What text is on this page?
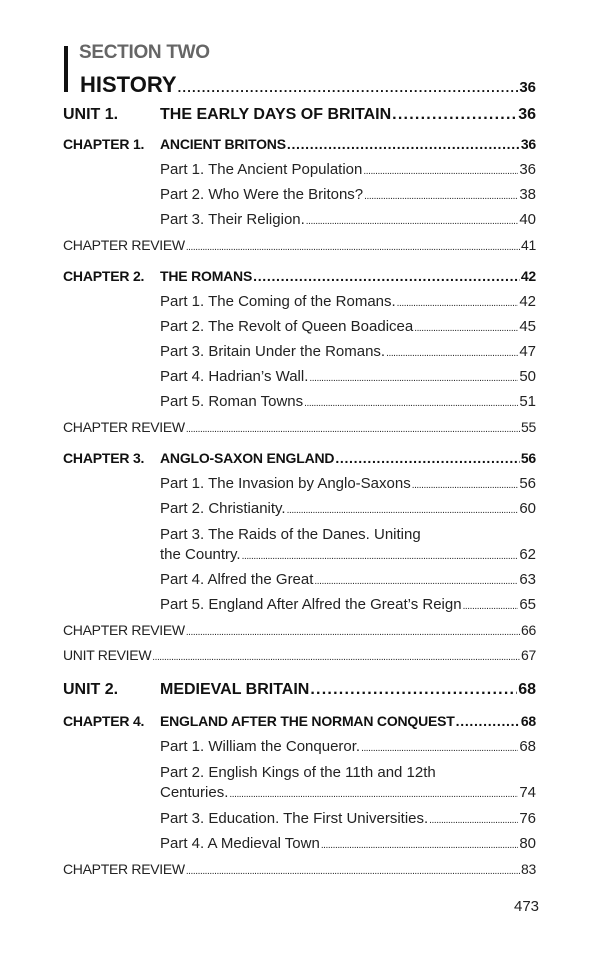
SECTION TWO
HISTORY . . .	36
UNIT 1.	THE EARLY DAYS OF BRITAIN . . .	36
CHAPTER 1.	ANCIENT BRITONS . . .	36
Part 1. The Ancient Population . . .	36
Part 2. Who Were the Britons? . . .	38
Part 3. Their Religion. . . .	40
CHAPTER REVIEW . . .	41
CHAPTER 2.	THE ROMANS . . .	42
Part 1. The Coming of the Romans. . . .	42
Part 2. The Revolt of Queen Boadicea . . .	45
Part 3. Britain Under the Romans. . . .	47
Part 4. Hadrian’s Wall. . . .	50
Part 5. Roman Towns . . .	51
CHAPTER REVIEW . . .	55
CHAPTER 3.	ANGLO-SAXON ENGLAND . . .	56
Part 1. The Invasion by Anglo-Saxons . . .	56
Part 2. Christianity. . . .	60
Part 3. The Raids of the Danes. Uniting
the Country. . . .	62
Part 4. Alfred the Great . . .	63
Part 5. England After Alfred the Great’s Reign . . .	65
CHAPTER REVIEW . . .	66
UNIT REVIEW . . .	67
UNIT 2.	MEDIEVAL BRITAIN . . .	68
CHAPTER 4.	ENGLAND AFTER THE NORMAN CONQUEST . . .	68
Part 1. William the Conqueror. . . .	68
Part 2. English Kings of the 11th and 12th
Centuries. . . .	74
Part 3. Education. The First Universities. . . .	76
Part 4. A Medieval Town . . .	80
CHAPTER REVIEW . . .	83
473
